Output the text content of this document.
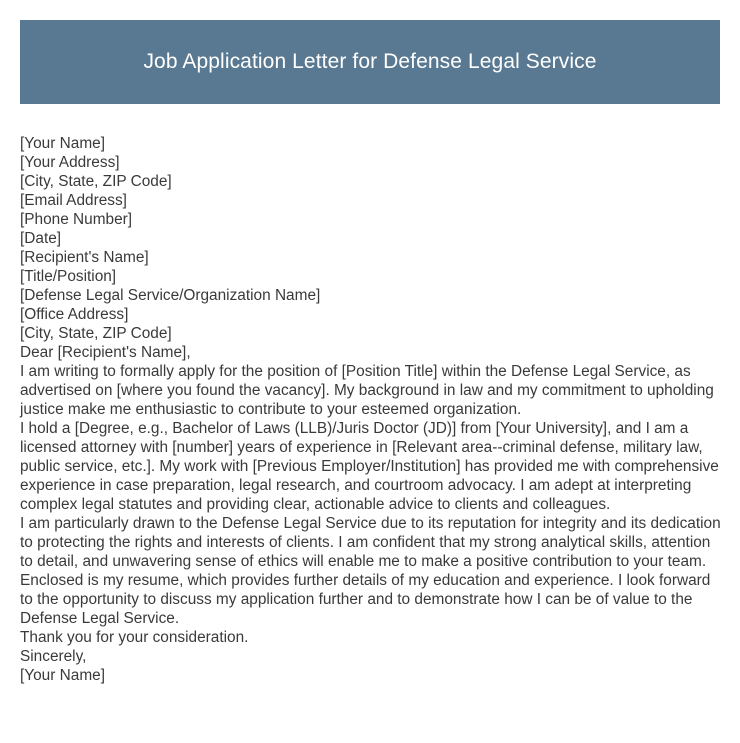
Job Application Letter for Defense Legal Service
[Your Name]
[Your Address]
[City, State, ZIP Code]
[Email Address]
[Phone Number]
[Date]
[Recipient's Name]
[Title/Position]
[Defense Legal Service/Organization Name]
[Office Address]
[City, State, ZIP Code]
Dear [Recipient's Name],

I am writing to formally apply for the position of [Position Title] within the Defense Legal Service, as advertised on [where you found the vacancy]. My background in law and my commitment to upholding justice make me enthusiastic to contribute to your esteemed organization.

I hold a [Degree, e.g., Bachelor of Laws (LLB)/Juris Doctor (JD)] from [Your University], and I am a licensed attorney with [number] years of experience in [Relevant area--criminal defense, military law, public service, etc.]. My work with [Previous Employer/Institution] has provided me with comprehensive experience in case preparation, legal research, and courtroom advocacy. I am adept at interpreting complex legal statutes and providing clear, actionable advice to clients and colleagues.

I am particularly drawn to the Defense Legal Service due to its reputation for integrity and its dedication to protecting the rights and interests of clients. I am confident that my strong analytical skills, attention to detail, and unwavering sense of ethics will enable me to make a positive contribution to your team.

Enclosed is my resume, which provides further details of my education and experience. I look forward to the opportunity to discuss my application further and to demonstrate how I can be of value to the Defense Legal Service.

Thank you for your consideration.

Sincerely,
[Your Name]
